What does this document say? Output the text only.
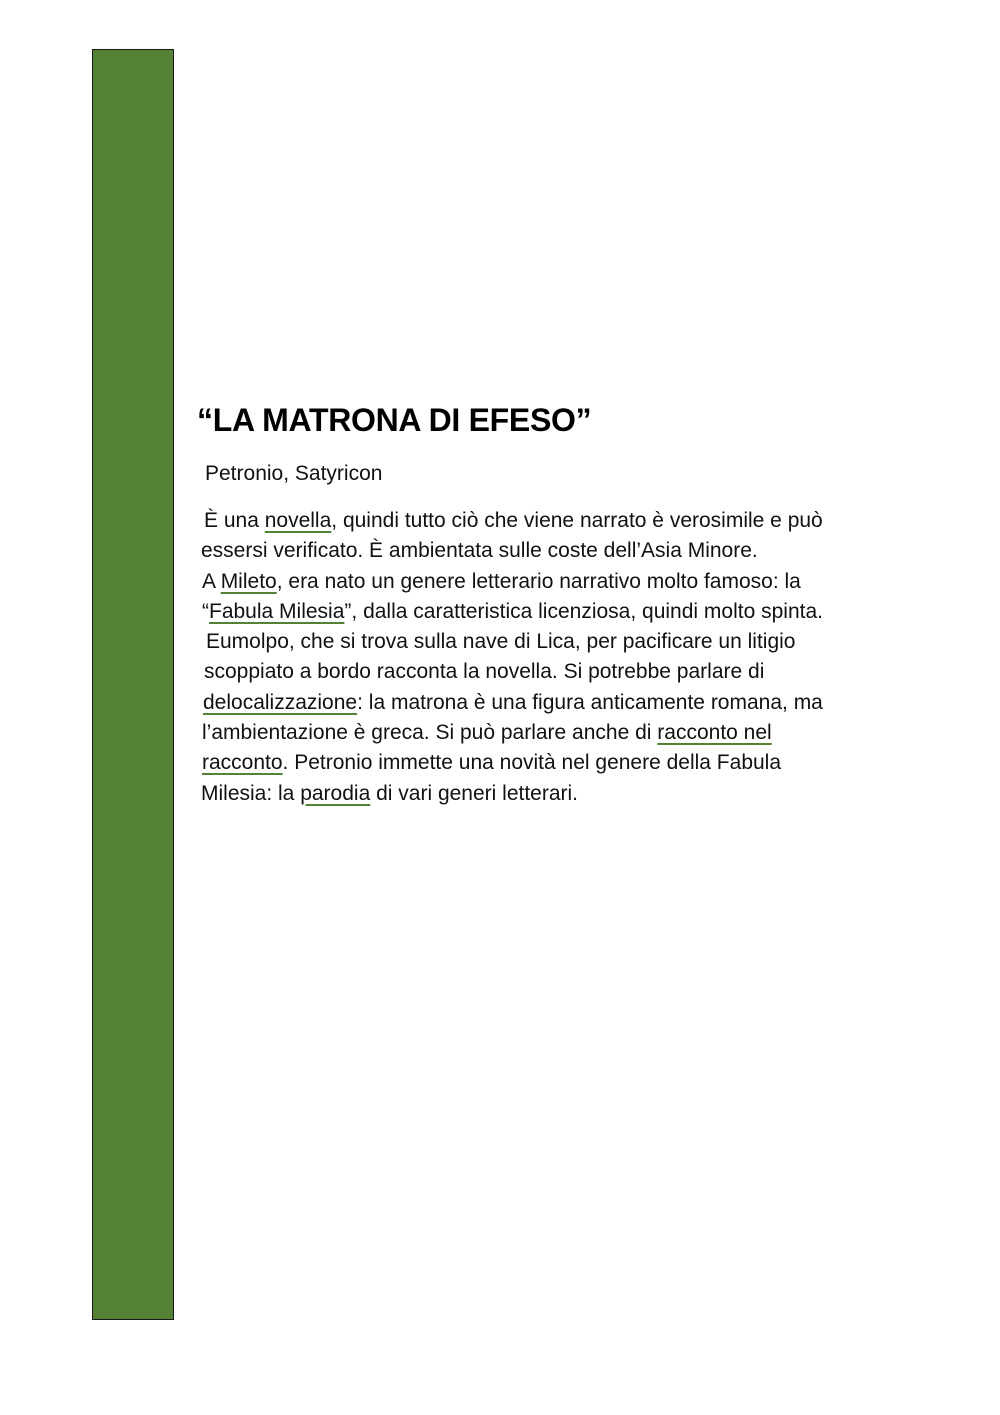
“LA MATRONA DI EFESO”

Petronio, Satyricon

È una novella, quindi tutto ciò che viene narrato è verosimile e può
essersi verificato. È ambientata sulle coste dell’Asia Minore.
A Mileto, era nato un genere letterario narrativo molto famoso: la
“Fabula Milesia”, dalla caratteristica licenziosa, quindi molto spinta.
Eumolpo, che si trova sulla nave di Lica, per pacificare un litigio
scoppiato a bordo racconta la novella. Si potrebbe parlare di
delocalizzazione: la matrona è una figura anticamente romana, ma
l’ambientazione è greca. Si può parlare anche di racconto nel
racconto. Petronio immette una novità nel genere della Fabula
Milesia: la parodia di vari generi letterari.
